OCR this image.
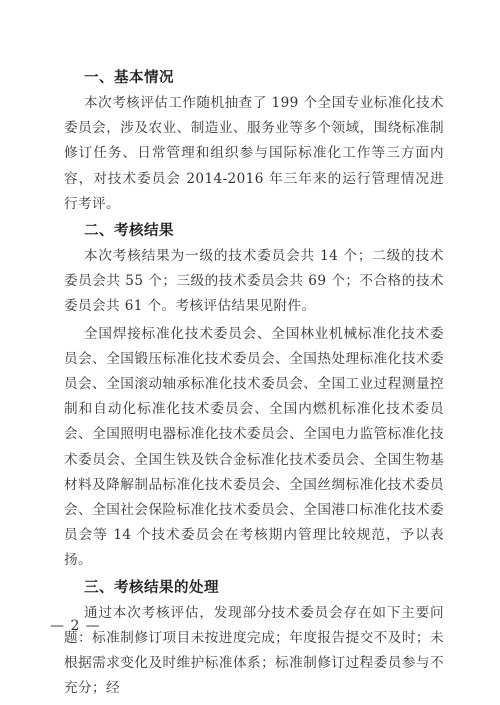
一、基本情况

本次考核评估工作随机抽查了 199 个全国专业标准化技术委员会，涉及农业、制造业、服务业等多个领域，围绕标准制修订任务、日常管理和组织参与国际标准化工作等三方面内容，对技术委员会 2014-2016 年三年来的运行管理情况进行考评。

二、考核结果

本次考核结果为一级的技术委员会共 14 个；二级的技术委员会共 55 个；三级的技术委员会共 69 个；不合格的技术委员会共 61 个。考核评估结果见附件。

全国焊接标准化技术委员会、全国林业机械标准化技术委员会、全国锻压标准化技术委员会、全国热处理标准化技术委员会、全国滚动轴承标准化技术委员会、全国工业过程测量控制和自动化标准化技术委员会、全国内燃机标准化技术委员会、全国照明电器标准化技术委员会、全国电力监管标准化技术委员会、全国生铁及铁合金标准化技术委员会、全国生物基材料及降解制品标准化技术委员会、全国丝绸标准化技术委员会、全国社会保险标准化技术委员会、全国港口标准化技术委员会等 14 个技术委员会在考核期内管理比较规范，予以表扬。

三、考核结果的处理

通过本次考核评估，发现部分技术委员会存在如下主要问题：标准制修订项目未按进度完成；年度报告提交不及时；未根据需求变化及时维护标准体系；标准制修订过程委员参与不充分；经

— 2 —
